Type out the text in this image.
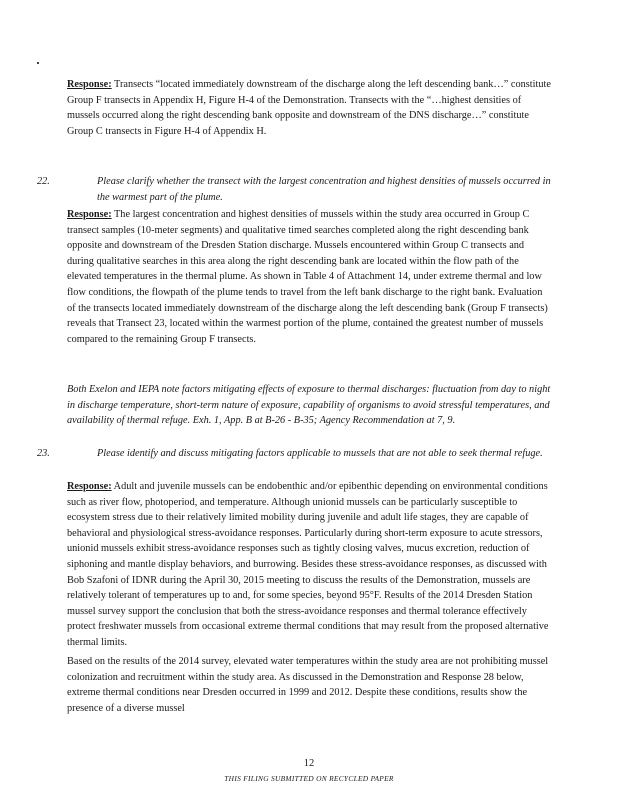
Response: Transects “located immediately downstream of the discharge along the left descending bank…” constitute Group F transects in Appendix H, Figure H-4 of the Demonstration. Transects with the “…highest densities of mussels occurred along the right descending bank opposite and downstream of the DNS discharge…” constitute Group C transects in Figure H-4 of Appendix H.
22.	Please clarify whether the transect with the largest concentration and highest densities of mussels occurred in the warmest part of the plume.
Response: The largest concentration and highest densities of mussels within the study area occurred in Group C transect samples (10-meter segments) and qualitative timed searches completed along the right descending bank opposite and downstream of the Dresden Station discharge. Mussels encountered within Group C transects and during qualitative searches in this area along the right descending bank are located within the flow path of the elevated temperatures in the thermal plume. As shown in Table 4 of Attachment 14, under extreme thermal and low flow conditions, the flowpath of the plume tends to travel from the left bank discharge to the right bank. Evaluation of the transects located immediately downstream of the discharge along the left descending bank (Group F transects) reveals that Transect 23, located within the warmest portion of the plume, contained the greatest number of mussels compared to the remaining Group F transects.
Both Exelon and IEPA note factors mitigating effects of exposure to thermal discharges: fluctuation from day to night in discharge temperature, short-term nature of exposure, capability of organisms to avoid stressful temperatures, and availability of thermal refuge. Exh. 1, App. B at B-26 - B-35; Agency Recommendation at 7, 9.
23.	Please identify and discuss mitigating factors applicable to mussels that are not able to seek thermal refuge.
Response: Adult and juvenile mussels can be endobenthic and/or epibenthic depending on environmental conditions such as river flow, photoperiod, and temperature. Although unionid mussels can be particularly susceptible to ecosystem stress due to their relatively limited mobility during juvenile and adult life stages, they are capable of behavioral and physiological stress-avoidance responses. Particularly during short-term exposure to acute stressors, unionid mussels exhibit stress-avoidance responses such as tightly closing valves, mucus excretion, reduction of siphoning and mantle display behaviors, and burrowing. Besides these stress-avoidance responses, as discussed with Bob Szafoni of IDNR during the April 30, 2015 meeting to discuss the results of the Demonstration, mussels are relatively tolerant of temperatures up to and, for some species, beyond 95°F. Results of the 2014 Dresden Station mussel survey support the conclusion that both the stress-avoidance responses and thermal tolerance effectively protect freshwater mussels from occasional extreme thermal conditions that may result from the proposed alternative thermal limits.
Based on the results of the 2014 survey, elevated water temperatures within the study area are not prohibiting mussel colonization and recruitment within the study area. As discussed in the Demonstration and Response 28 below, extreme thermal conditions near Dresden occurred in 1999 and 2012. Despite these conditions, results show the presence of a diverse mussel
12
THIS FILING SUBMITTED ON RECYCLED PAPER
